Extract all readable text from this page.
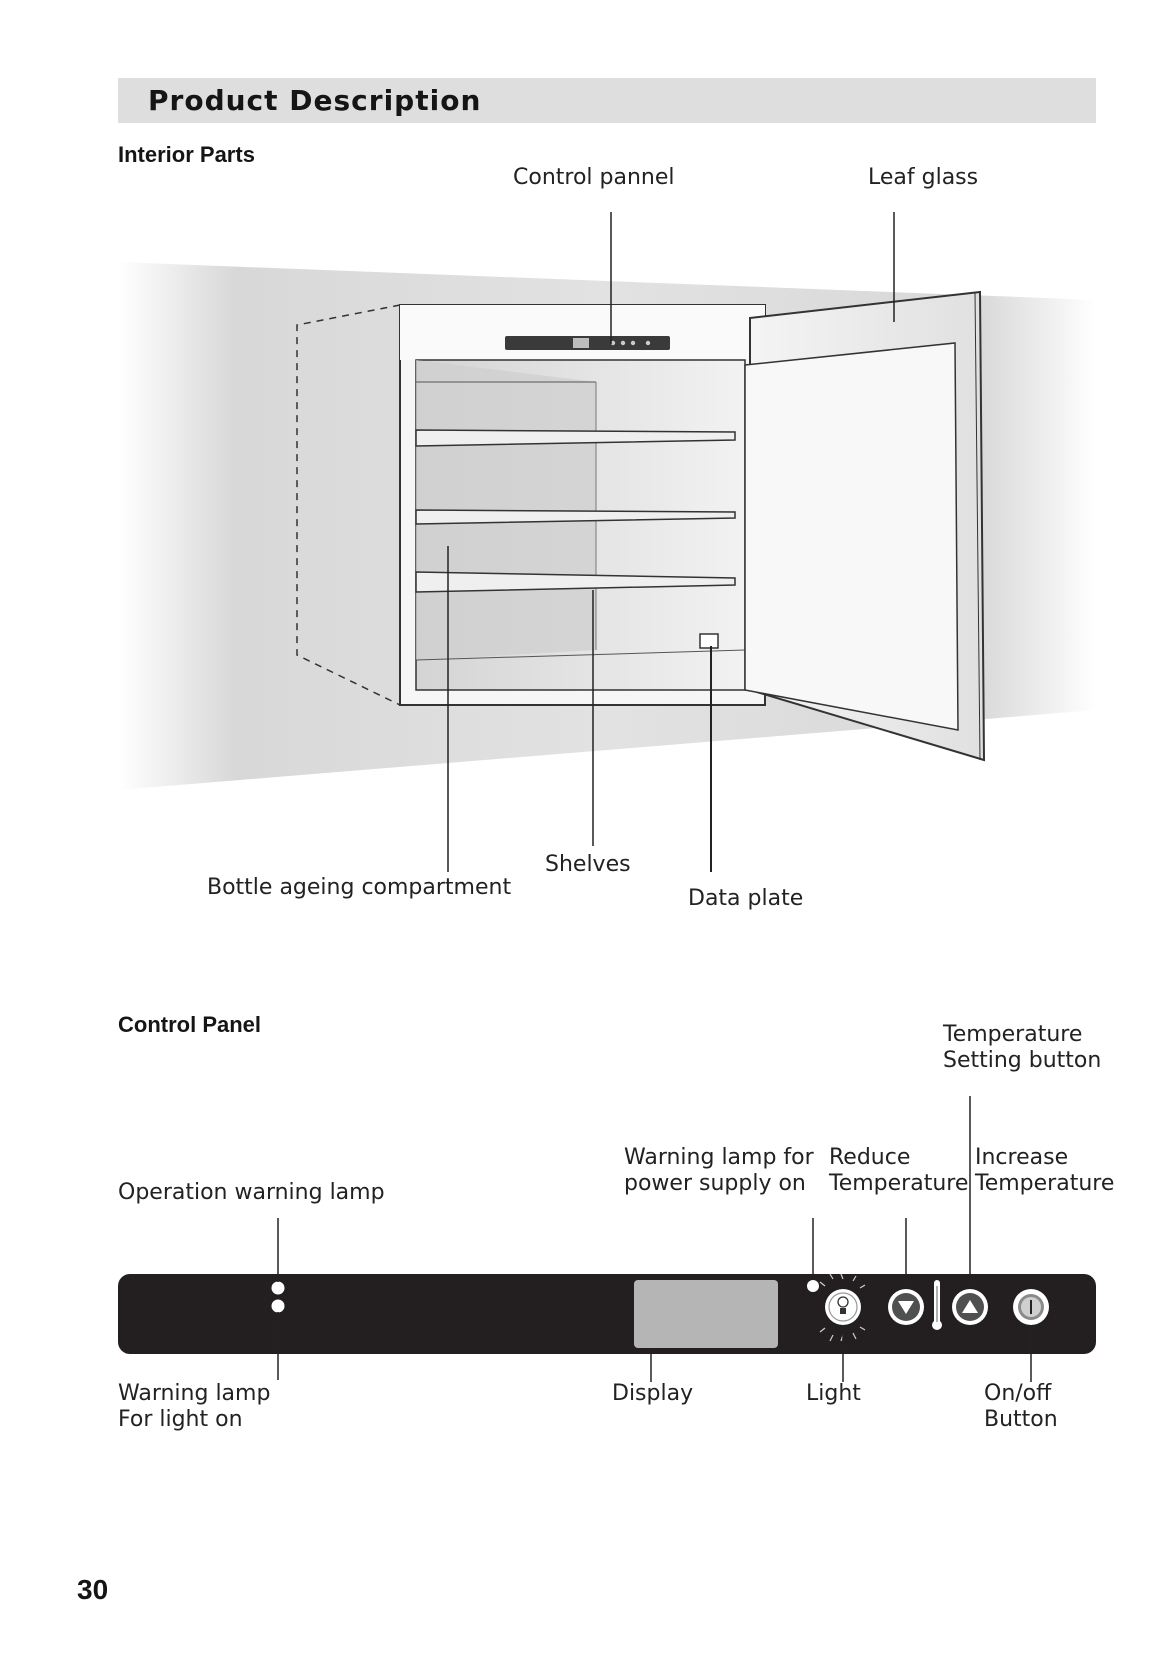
Product Description
Interior Parts
Control pannel	Leaf glass
Bottle ageing compartment
Shelves
Data plate
Control Panel	Temperature
Setting button
Operation warning lamp
Warning lamp for
power supply on
Reduce
Temperature
Increase
Temperature
Warning lamp
For light on
Display	Light	On/off
Button
30
